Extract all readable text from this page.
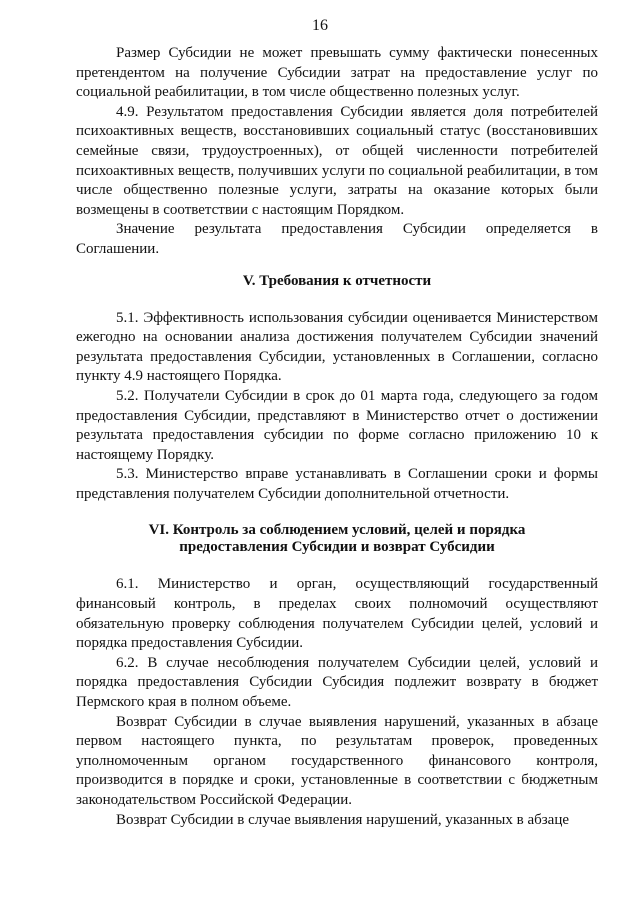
16

Размер Субсидии не может превышать сумму фактически понесенных претендентом на получение Субсидии затрат на предоставление услуг по социальной реабилитации, в том числе общественно полезных услуг.

4.9. Результатом предоставления Субсидии является доля потребителей психоактивных веществ, восстановивших социальный статус (восстановивших семейные связи, трудоустроенных), от общей численности потребителей психоактивных веществ, получивших услуги по социальной реабилитации, в том числе общественно полезные услуги, затраты на оказание которых были возмещены в соответствии с настоящим Порядком.

Значение результата предоставления Субсидии определяется в Соглашении.

V. Требования к отчетности

5.1. Эффективность использования субсидии оценивается Министерством ежегодно на основании анализа достижения получателем Субсидии значений результата предоставления Субсидии, установленных в Соглашении, согласно пункту 4.9 настоящего Порядка.

5.2. Получатели Субсидии в срок до 01 марта года, следующего за годом предоставления Субсидии, представляют в Министерство отчет о достижении результата предоставления субсидии по форме согласно приложению 10 к настоящему Порядку.

5.3. Министерство вправе устанавливать в Соглашении сроки и формы представления получателем Субсидии дополнительной отчетности.

VI. Контроль за соблюдением условий, целей и порядка
предоставления Субсидии и возврат Субсидии

6.1. Министерство и орган, осуществляющий государственный финансовый контроль, в пределах своих полномочий осуществляют обязательную проверку соблюдения получателем Субсидии целей, условий и порядка предоставления Субсидии.

6.2. В случае несоблюдения получателем Субсидии целей, условий и порядка предоставления Субсидии Субсидия подлежит возврату в бюджет Пермского края в полном объеме.

Возврат Субсидии в случае выявления нарушений, указанных в абзаце первом настоящего пункта, по результатам проверок, проведенных уполномоченным органом государственного финансового контроля, производится в порядке и сроки, установленные в соответствии с бюджетным законодательством Российской Федерации.

Возврат Субсидии в случае выявления нарушений, указанных в абзаце
